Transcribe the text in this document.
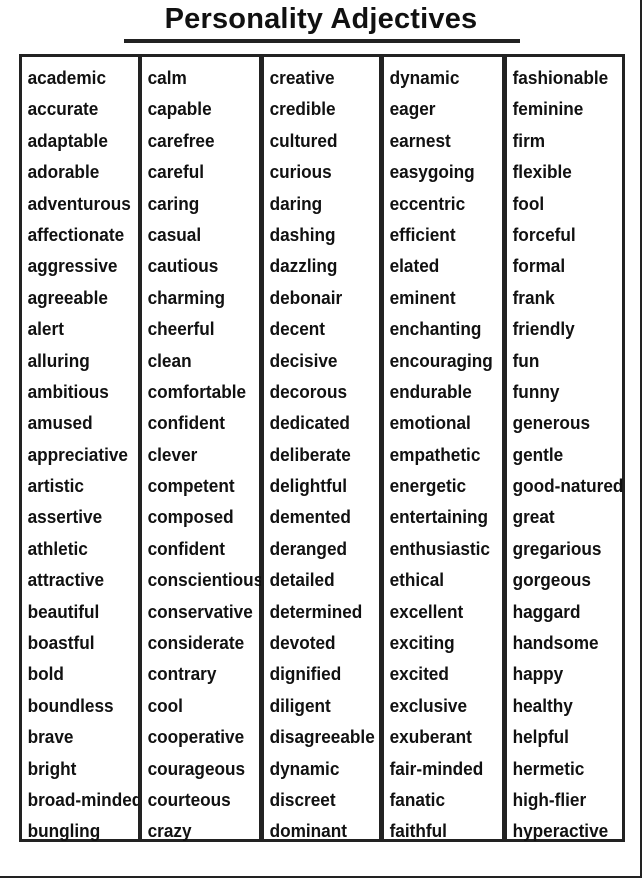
Personality Adjectives
academic
accurate
adaptable
adorable
adventurous
affectionate
aggressive
agreeable
alert
alluring
ambitious
amused
appreciative
artistic
assertive
athletic
attractive
beautiful
boastful
bold
boundless
brave
bright
broad-minded
bungling
calm
capable
carefree
careful
caring
casual
cautious
charming
cheerful
clean
comfortable
confident
clever
competent
composed
confident
conscientious
conservative
considerate
contrary
cool
cooperative
courageous
courteous
crazy
creative
credible
cultured
curious
daring
dashing
dazzling
debonair
decent
decisive
decorous
dedicated
deliberate
delightful
demented
deranged
detailed
determined
devoted
dignified
diligent
disagreeable
dynamic
discreet
dominant
dynamic
eager
earnest
easygoing
eccentric
efficient
elated
eminent
enchanting
encouraging
endurable
emotional
empathetic
energetic
entertaining
enthusiastic
ethical
excellent
exciting
excited
exclusive
exuberant
fair-minded
fanatic
faithful
fashionable
feminine
firm
flexible
fool
forceful
formal
frank
friendly
fun
funny
generous
gentle
good-natured
great
gregarious
gorgeous
haggard
handsome
happy
healthy
helpful
hermetic
high-flier
hyperactive
